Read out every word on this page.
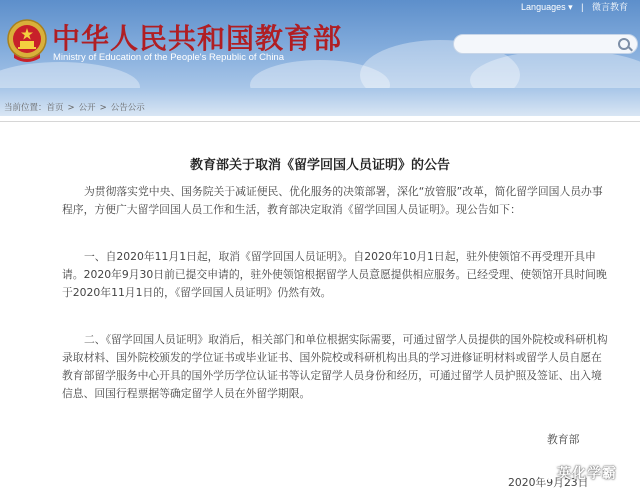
中华人民共和国教育部
Ministry of Education of the People's Republic of China
Languages ▾ | 微言教育
当前位置：首页 > 公开 > 公告公示
教育部关于取消《留学回国人员证明》的公告

为贯彻落实党中央、国务院关于减证便民、优化服务的决策部署，深化“放管服”改革，简化留学回国人员办事程序，方便广大留学回国人员工作和生活，教育部决定取消《留学回国人员证明》。现公告如下：

一、自2020年11月1日起，取消《留学回国人员证明》。自2020年10月1日起，驻外使领馆不再受理开具申请。2020年9月30日前已提交申请的，驻外使领馆根据留学人员意愿提供相应服务。已经受理、使领馆开具时间晚于2020年11月1日的，《留学回国人员证明》仍然有效。

二、《留学回国人员证明》取消后，相关部门和单位根据实际需要，可通过留学人员提供的国外院校或科研机构录取材料、国外院校颁发的学位证书或毕业证书、国外院校或科研机构出具的学习进修证明材料或留学人员自愿在教育部留学服务中心开具的国外学历学位认证书等认定留学人员身份和经历，可通过留学人员护照及签证、出入境信息、回国行程票据等确定留学人员在外留学期限。

教育部
2020年9月23日
英化学霸
